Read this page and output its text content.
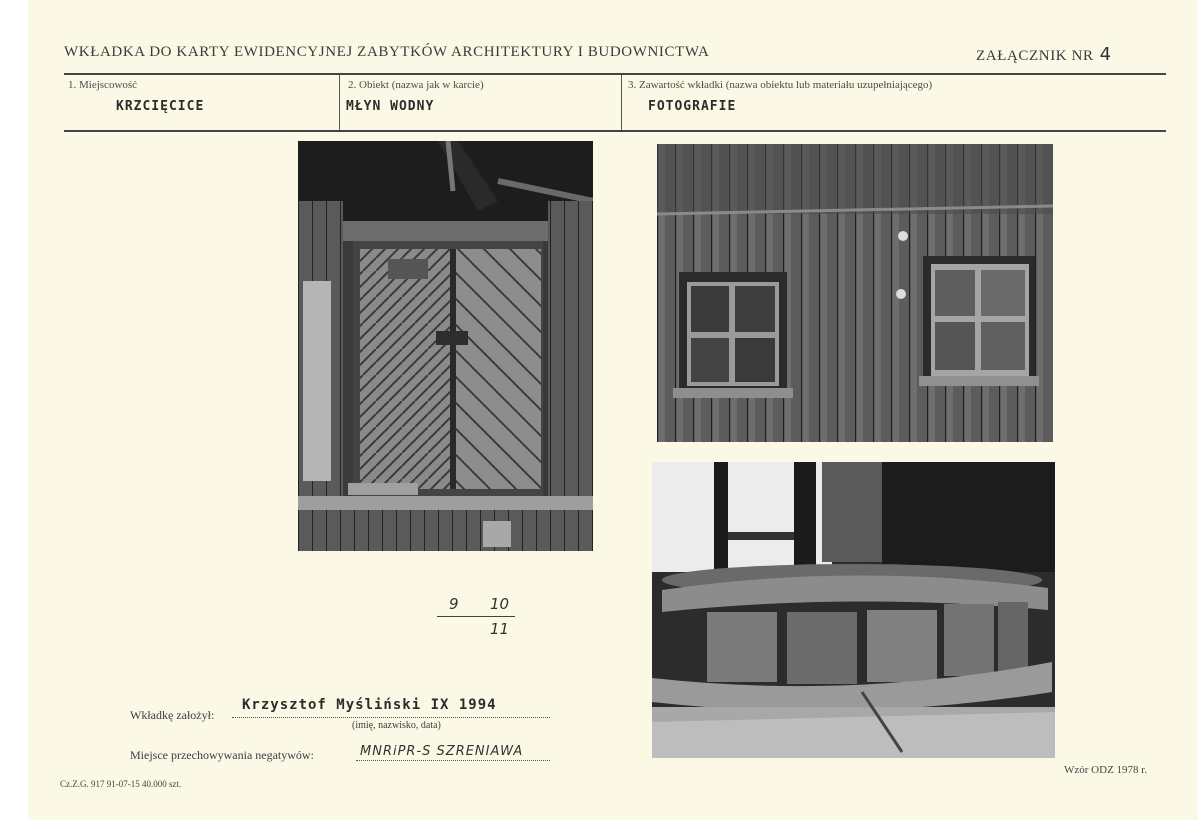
WKŁADKA DO KARTY EWIDENCYJNEJ ZABYTKÓW ARCHITEKTURY I BUDOWNICTWA	ZAŁĄCZNIK NR 4
1. Miejscowość
KRZCIĘCICE
2. Obiekt (nazwa jak w karcie)
MŁYN WODNY
3. Zawartość wkładki (nazwa obiektu lub materiału uzupełniającego)
FOTOGRAFIE
9 10
11
Wkładkę założył:
Krzysztof Myśliński IX 1994
(imię, nazwisko, data)
Miejsce przechowywania negatywów:	MNRiPR-S SZRENIAWA
Cz.Z.G. 917 91-07-15 40.000 szt.
Wzór ODZ 1978 r.
